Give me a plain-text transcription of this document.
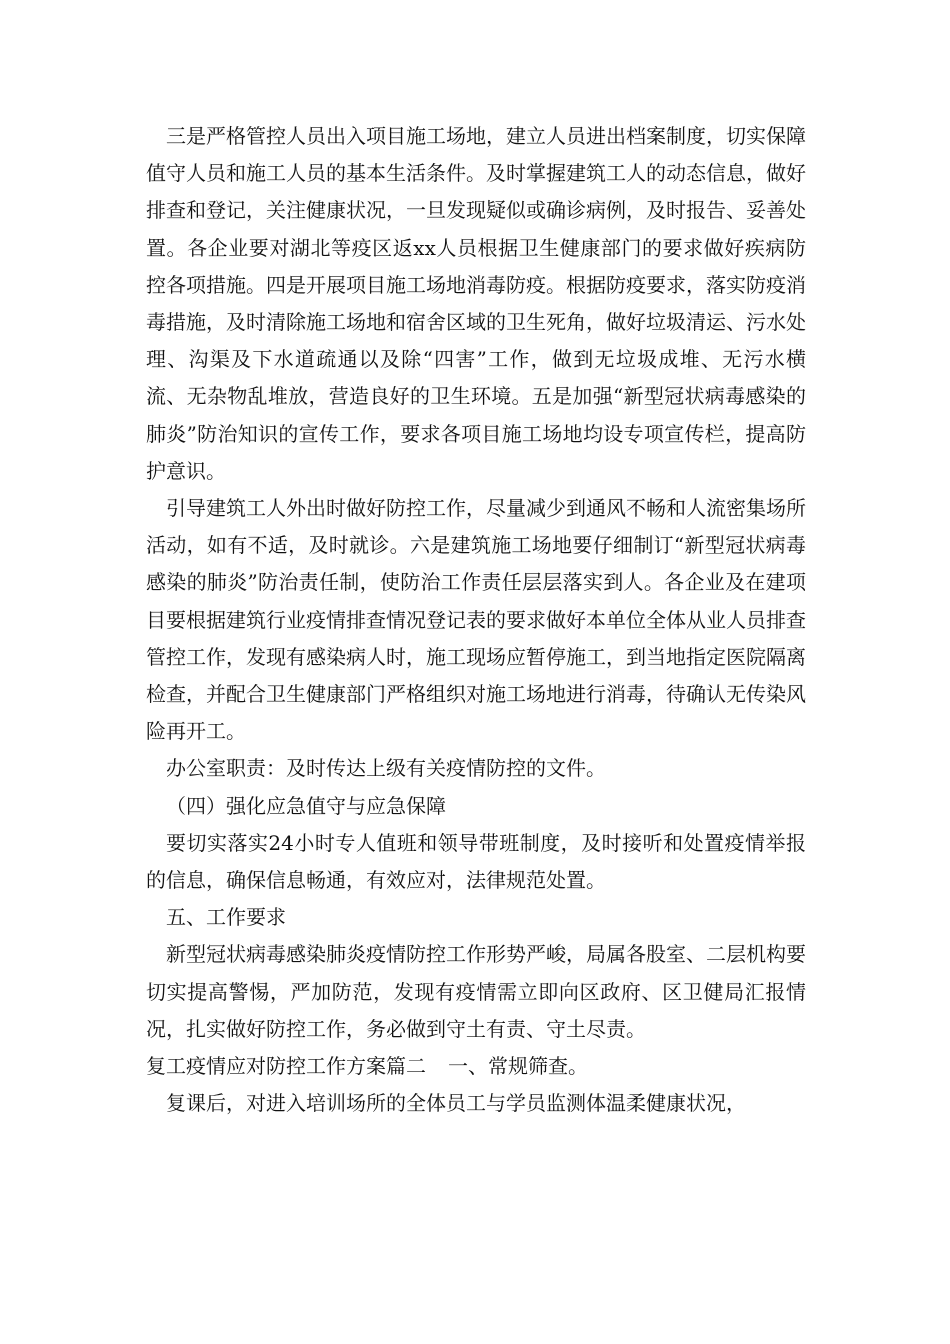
三是严格管控人员出入项目施工场地，建立人员进出档案制度，切实保障值守人员和施工人员的基本生活条件。及时掌握建筑工人的动态信息，做好排查和登记，关注健康状况，一旦发现疑似或确诊病例，及时报告、妥善处置。各企业要对湖北等疫区返xx人员根据卫生健康部门的要求做好疾病防控各项措施。四是开展项目施工场地消毒防疫。根据防疫要求，落实防疫消毒措施，及时清除施工场地和宿舍区域的卫生死角，做好垃圾清运、污水处理、沟渠及下水道疏通以及除“四害”工作，做到无垃圾成堆、无污水横流、无杂物乱堆放，营造良好的卫生环境。五是加强“新型冠状病毒感染的肺炎”防治知识的宣传工作，要求各项目施工场地均设专项宣传栏，提高防护意识。

引导建筑工人外出时做好防控工作，尽量减少到通风不畅和人流密集场所活动，如有不适，及时就诊。六是建筑施工场地要仔细制订“新型冠状病毒感染的肺炎”防治责任制，使防治工作责任层层落实到人。各企业及在建项目要根据建筑行业疫情排查情况登记表的要求做好本单位全体从业人员排查管控工作，发现有感染病人时，施工现场应暂停施工，到当地指定医院隔离检查，并配合卫生健康部门严格组织对施工场地进行消毒，待确认无传染风险再开工。

办公室职责：及时传达上级有关疫情防控的文件。

（四）强化应急值守与应急保障

要切实落实24小时专人值班和领导带班制度，及时接听和处置疫情举报的信息，确保信息畅通，有效应对，法律规范处置。

五、工作要求

新型冠状病毒感染肺炎疫情防控工作形势严峻，局属各股室、二层机构要切实提高警惕，严加防范，发现有疫情需立即向区政府、区卫健局汇报情况，扎实做好防控工作，务必做到守土有责、守土尽责。

复工疫情应对防控工作方案篇二 一、常规筛查。

复课后，对进入培训场所的全体员工与学员监测体温柔健康状况，
